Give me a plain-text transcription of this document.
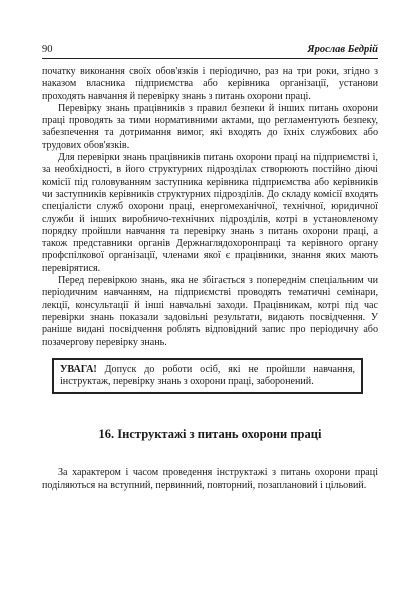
90	Ярослав Бедрій

початку виконання своїх обов'язків і періодично, раз на три роки, згідно з наказом власника підприємства або керівника організації, установи проходять навчання й перевірку знань з питань охорони праці.

Перевірку знань працівників з правил безпеки й інших питань охорони праці проводять за тими нормативними актами, що регламентують безпеку, забезпечення та дотримання вимог, які входять до їхніх службових або трудових обов'язків.

Для перевірки знань працівників питань охорони праці на підприємстві і, за необхідності, в його структурних підрозділах створюють постійно діючі комісії під головуванням заступника керівника підприємства або керівників чи заступників керівників структурних підрозділів. До складу комісії входять спеціалісти служб охорони праці, енергомеханічної, технічної, юридичної служби й інших виробничо-технічних підрозділів, котрі в установленому порядку пройшли навчання та перевірку знань з питань охорони праці, а також представники органів Держнаглядохоронпраці та керівного органу профспілкової організації, членами якої є працівники, знання яких мають перевірятися.

Перед перевіркою знань, яка не збігається з попереднім спеціальним чи періодичним навчанням, на підприємстві проводять тематичні семінари, лекції, консультації й інші навчальні заходи. Працівникам, котрі під час перевірки знань показали задовільні результати, видають посвідчення. У раніше видані посвідчення роблять відповідний запис про періодичну або позачергову перевірку знань.

УВАГА! Допуск до роботи осіб, які не пройшли навчання, інструктаж, перевірку знань з охорони праці, заборонений.

16. Інструктажі з питань охорони праці

За характером і часом проведення інструктажі з питань охорони праці поділяються на вступний, первинний, повторний, позаплановий і цільовий.
